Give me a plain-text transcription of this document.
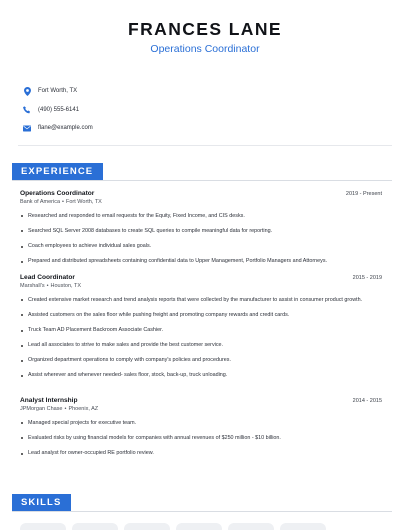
FRANCES LANE
Operations Coordinator
Fort Worth, TX
(490) 555-6141
flane@example.com
EXPERIENCE
Operations Coordinator	2019 - Present
Bank of America • Fort Worth, TX
Researched and responded to email requests for the Equity, Fixed Income, and CIS desks.
Searched SQL Server 2008 databases to create SQL queries to compile meaningful data for reporting.
Coach employees to achieve individual sales goals.
Prepared and distributed spreadsheets containing confidential data to Upper Management, Portfolio Managers and Attorneys.
Lead Coordinator	2015 - 2019
Marshall's • Houston, TX
Created extensive market research and trend analysis reports that were collected by the manufacturer to assist in consumer product growth.
Assisted customers on the sales floor while pushing freight and promoting company rewards and credit cards.
Truck Team AD Placement Backroom Associate Cashier.
Lead all associates to strive to make sales and provide the best customer service.
Organized department operations to comply with company's policies and procedures.
Assist wherever and whenever needed- sales floor, stock, back-up, truck unloading.
Analyst Internship	2014 - 2015
JPMorgan Chase • Phoenix, AZ
Managed special projects for executive team.
Evaluated risks by using financial models for companies with annual revenues of $250 million - $10 billion.
Lead analyst for owner-occupied RE portfolio review.
SKILLS
